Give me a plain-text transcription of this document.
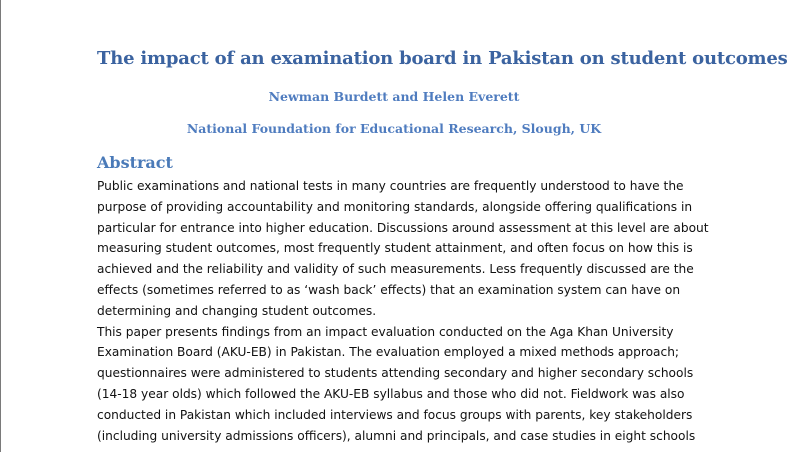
The impact of an examination board in Pakistan on student outcomes
Newman Burdett and Helen Everett
National Foundation for Educational Research, Slough, UK
Abstract
Public examinations and national tests in many countries are frequently understood to have the
purpose of providing accountability and monitoring standards, alongside offering qualifications in
particular for entrance into higher education. Discussions around assessment at this level are about
measuring student outcomes, most frequently student attainment, and often focus on how this is
achieved and the reliability and validity of such measurements. Less frequently discussed are the
effects (sometimes referred to as ‘wash back’ effects) that an examination system can have on
determining and changing student outcomes.
This paper presents findings from an impact evaluation conducted on the Aga Khan University
Examination Board (AKU-EB) in Pakistan. The evaluation employed a mixed methods approach;
questionnaires were administered to students attending secondary and higher secondary schools
(14-18 year olds) which followed the AKU-EB syllabus and those who did not. Fieldwork was also
conducted in Pakistan which included interviews and focus groups with parents, key stakeholders
(including university admissions officers), alumni and principals, and case studies in eight schools
